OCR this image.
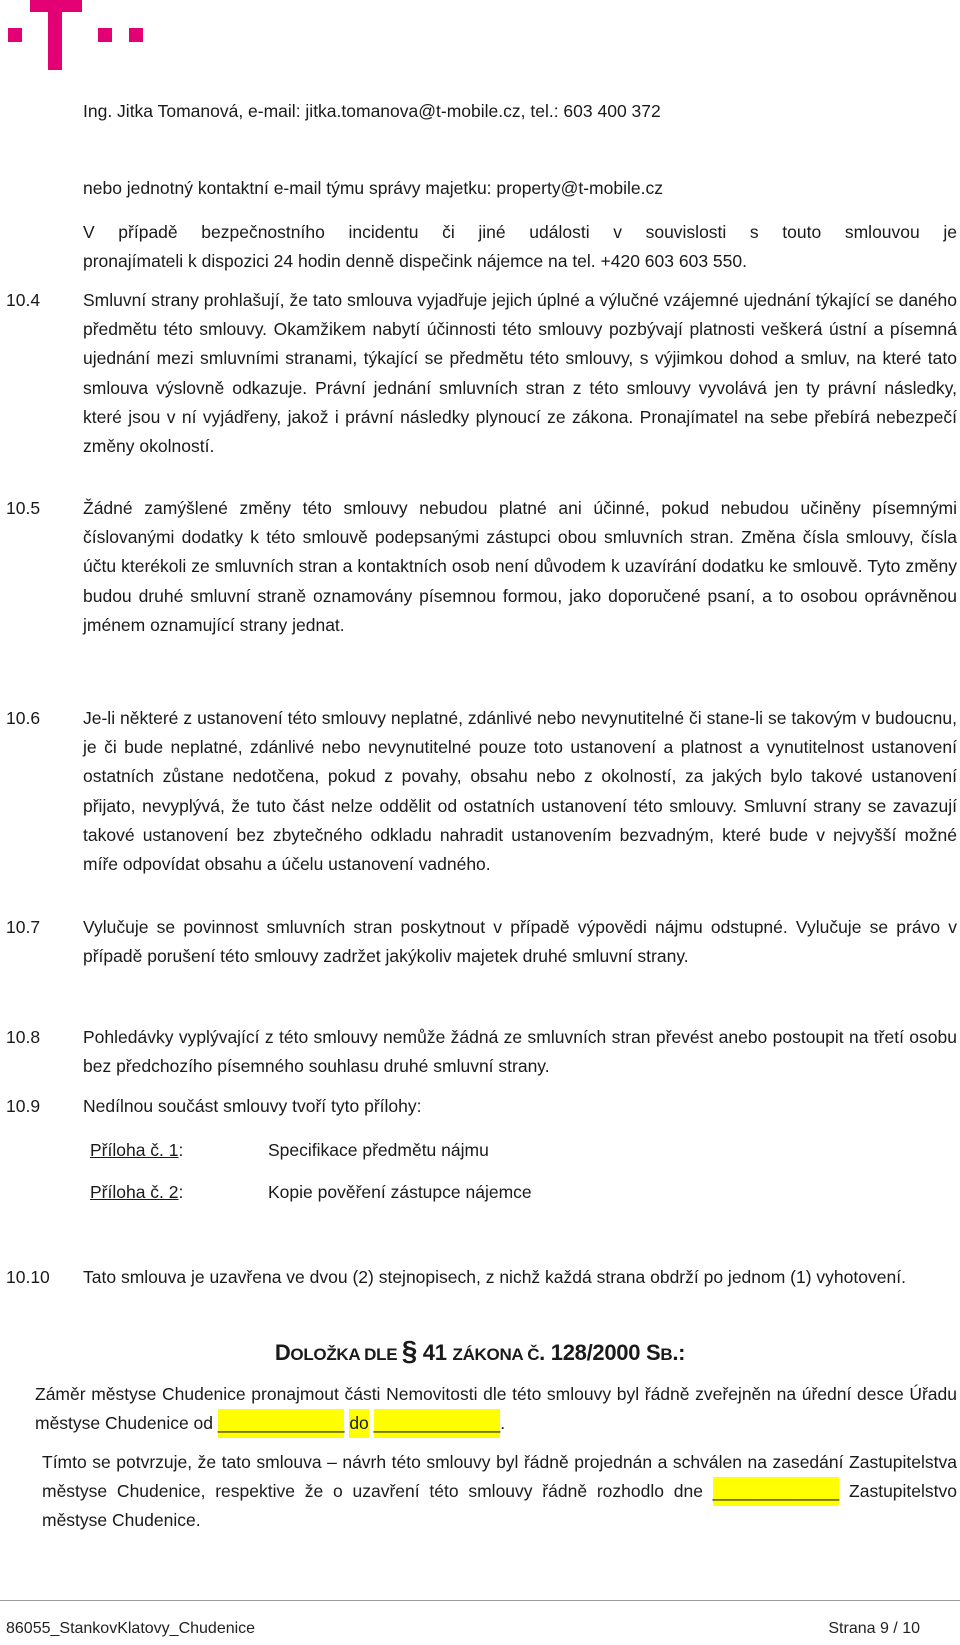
Ing. Jitka Tomanová, e-mail: jitka.tomanova@t-mobile.cz, tel.: 603 400 372
nebo jednotný kontaktní e-mail týmu správy majetku: property@t-mobile.cz
V případě bezpečnostního incidentu či jiné události v souvislosti s touto smlouvou je
pronajímateli k dispozici 24 hodin denně dispečink nájemce na tel. +420 603 603 550.
10.4 Smluvní strany prohlašují, že tato smlouva vyjadřuje jejich úplné a výlučné vzájemné ujednání týkající se daného předmětu této smlouvy. Okamžikem nabytí účinnosti této smlouvy pozbývají platnosti veškerá ústní a písemná ujednání mezi smluvními stranami, týkající se předmětu této smlouvy, s výjimkou dohod a smluv, na které tato smlouva výslovně odkazuje. Právní jednání smluvních stran z této smlouvy vyvolává jen ty právní následky, které jsou v ní vyjádřeny, jakož i právní následky plynoucí ze zákona. Pronajímatel na sebe přebírá nebezpečí změny okolností.
10.5 Žádné zamýšlené změny této smlouvy nebudou platné ani účinné, pokud nebudou učiněny písemnými číslovanými dodatky k této smlouvě podepsanými zástupci obou smluvních stran. Změna čísla smlouvy, čísla účtu kterékoli ze smluvních stran a kontaktních osob není důvodem k uzavírání dodatku ke smlouvě. Tyto změny budou druhé smluvní straně oznamovány písemnou formou, jako doporučené psaní, a to osobou oprávněnou jménem oznamující strany jednat.
10.6 Je-li některé z ustanovení této smlouvy neplatné, zdánlivé nebo nevynutitelné či stane-li se takovým v budoucnu, je či bude neplatné, zdánlivé nebo nevynutitelné pouze toto ustanovení a platnost a vynutitelnost ustanovení ostatních zůstane nedotčena, pokud z povahy, obsahu nebo z okolností, za jakých bylo takové ustanovení přijato, nevyplývá, že tuto část nelze oddělit od ostatních ustanovení této smlouvy. Smluvní strany se zavazují takové ustanovení bez zbytečného odkladu nahradit ustanovením bezvadným, které bude v nejvyšší možné míře odpovídat obsahu a účelu ustanovení vadného.
10.7 Vylučuje se povinnost smluvních stran poskytnout v případě výpovědi nájmu odstupné. Vylučuje se právo v případě porušení této smlouvy zadržet jakýkoliv majetek druhé smluvní strany.
10.8 Pohledávky vyplývající z této smlouvy nemůže žádná ze smluvních stran převést anebo postoupit na třetí osobu bez předchozího písemného souhlasu druhé smluvní strany.
10.9 Nedílnou součást smlouvy tvoří tyto přílohy:
Příloha č. 1:	Specifikace předmětu nájmu
Příloha č. 2:	Kopie pověření zástupce nájemce
10.10 Tato smlouva je uzavřena ve dvou (2) stejnopisech, z nichž každá strana obdrží po jednom (1) vyhotovení.
DOLOŽKA DLE § 41 ZÁKONA Č. 128/2000 SB.:
Záměr městyse Chudenice pronajmout části Nemovitosti dle této smlouvy byl řádně zveřejněn na úřední desce Úřadu městyse Chudenice od _____________ do _____________.
Tímto se potvrzuje, že tato smlouva – návrh této smlouvy byl řádně projednán a schválen na zasedání Zastupitelstva městyse Chudenice, respektive že o uzavření této smlouvy řádně rozhodlo dne _____________ Zastupitelstvo městyse Chudenice.
86055_StankovKlatovy_Chudenice	Strana 9 / 10
